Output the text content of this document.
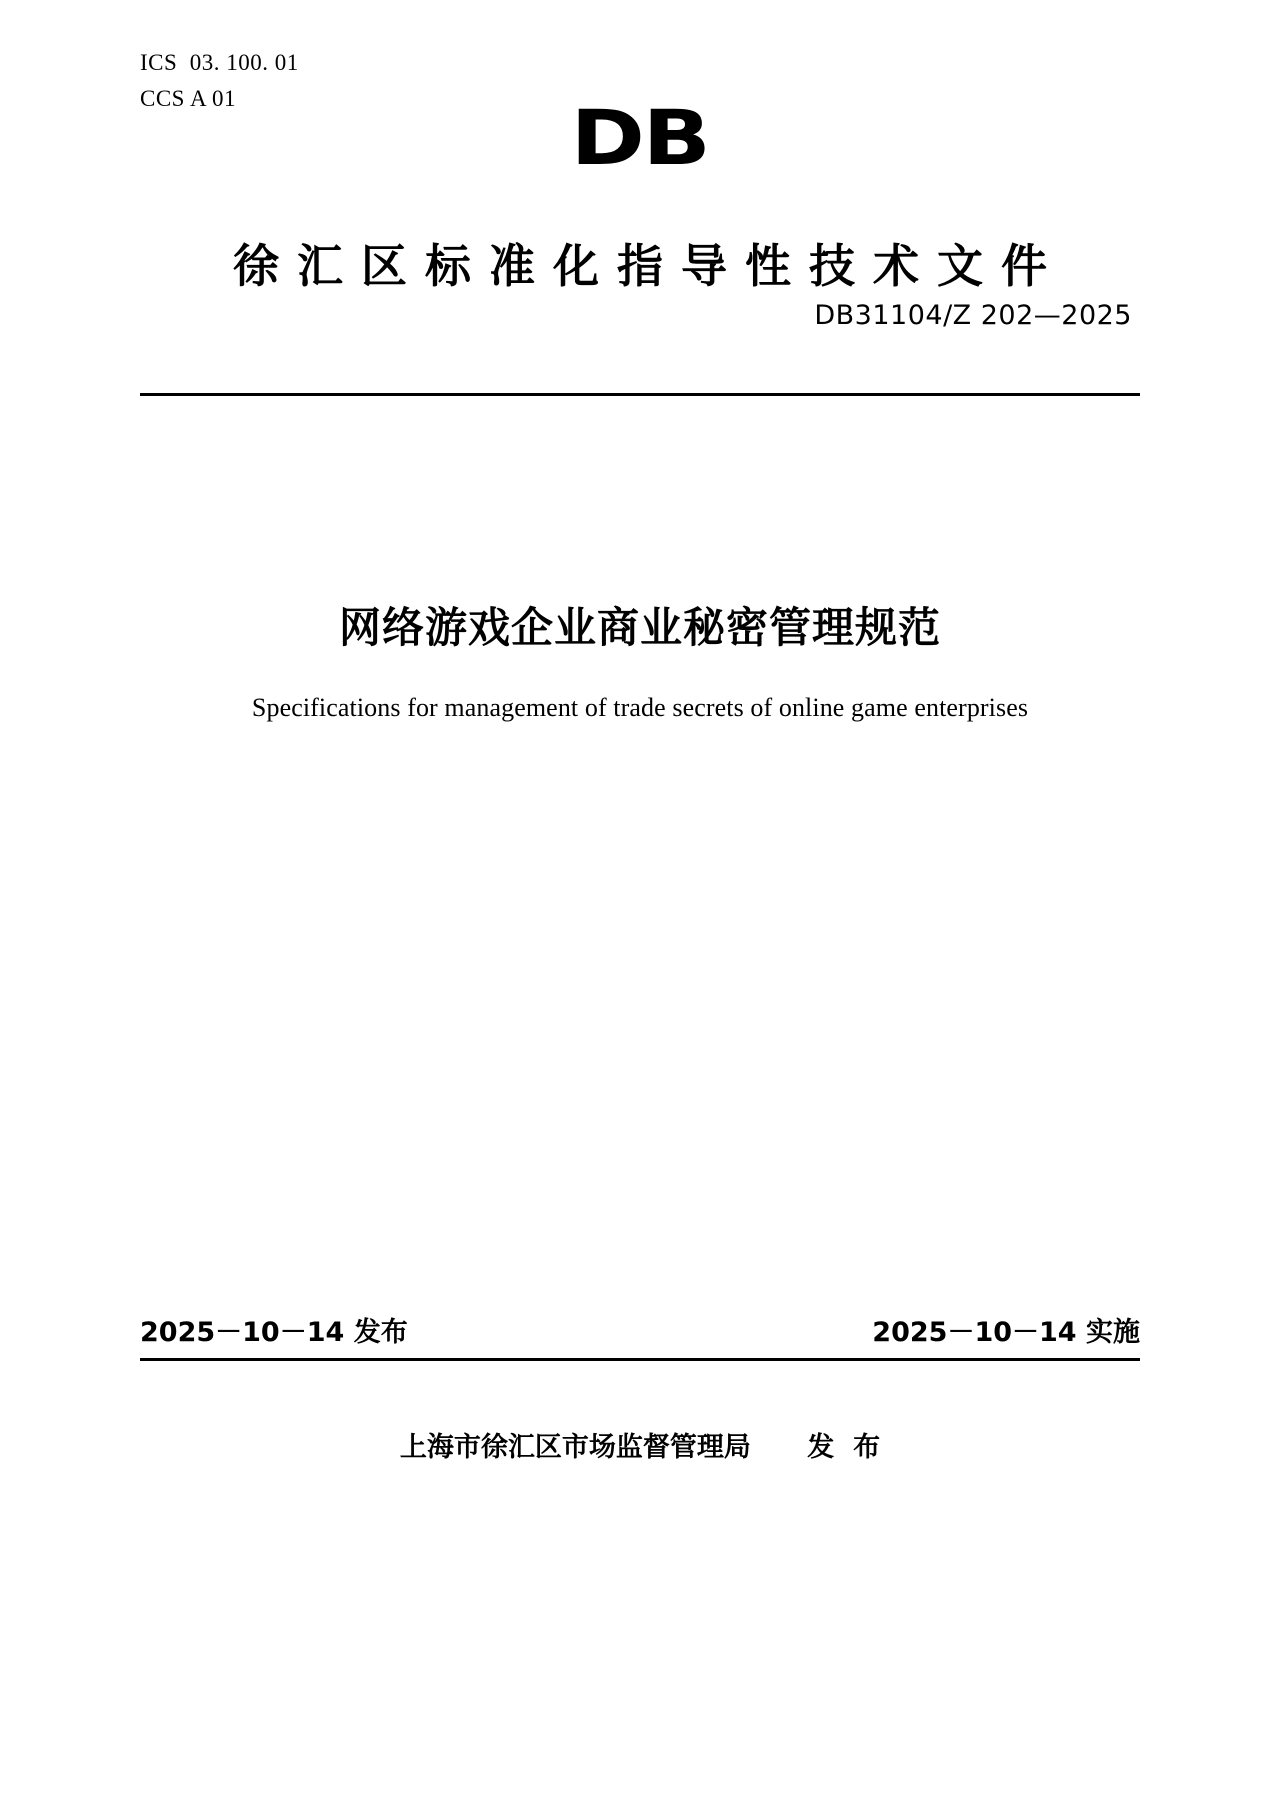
ICS  03. 100. 01
CCS A 01	DB
徐汇区标准化指导性技术文件
DB31104/Z 202—2025
网络游戏企业商业秘密管理规范
Specifications for management of trade secrets of online game enterprises
2025－10－14 发布	2025－10－14 实施
上海市徐汇区市场监督管理局      发  布
